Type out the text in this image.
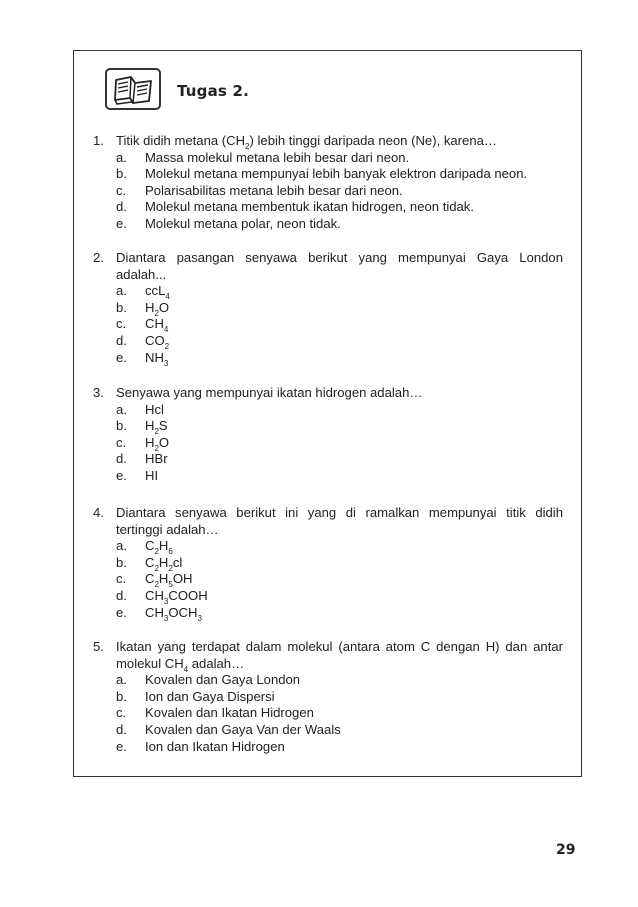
Tugas 2.
1. Titik didih metana $(CH_2)$ lebih tinggi daripada neon (Ne), karena…
a. Massa molekul metana lebih besar dari neon.
b. Molekul metana mempunyai lebih banyak elektron daripada neon.
c. Polarisabilitas metana lebih besar dari neon.
d. Molekul metana membentuk ikatan hidrogen, neon tidak.
e. Molekul metana polar, neon tidak.
2. Diantara pasangan senyawa berikut yang mempunyai Gaya London
adalah...
a. ccL$_4$
b. $H_2O$
c. $CH_4$
d. $CO_2$
e. $NH_3$
3. Senyawa yang mempunyai ikatan hidrogen adalah…
a. Hcl
b. $H_2S$
c. $H_2O$
d. HBr
e. HI
4. Diantara senyawa berikut ini yang di ramalkan mempunyai titik didih
tertinggi adalah…
a. $C_2H_6$
b. $C_2H_2cl$
c. $C_2H_5OH$
d. $CH_3COOH$
e. $CH_3OCH_3$
5. Ikatan yang terdapat dalam molekul (antara atom C dengan H) dan antar
molekul $CH_4$ adalah…
a. Kovalen dan Gaya London
b. Ion dan Gaya Dispersi
c. Kovalen dan Ikatan Hidrogen
d. Kovalen dan Gaya Van der Waals
e. Ion dan Ikatan Hidrogen
29
